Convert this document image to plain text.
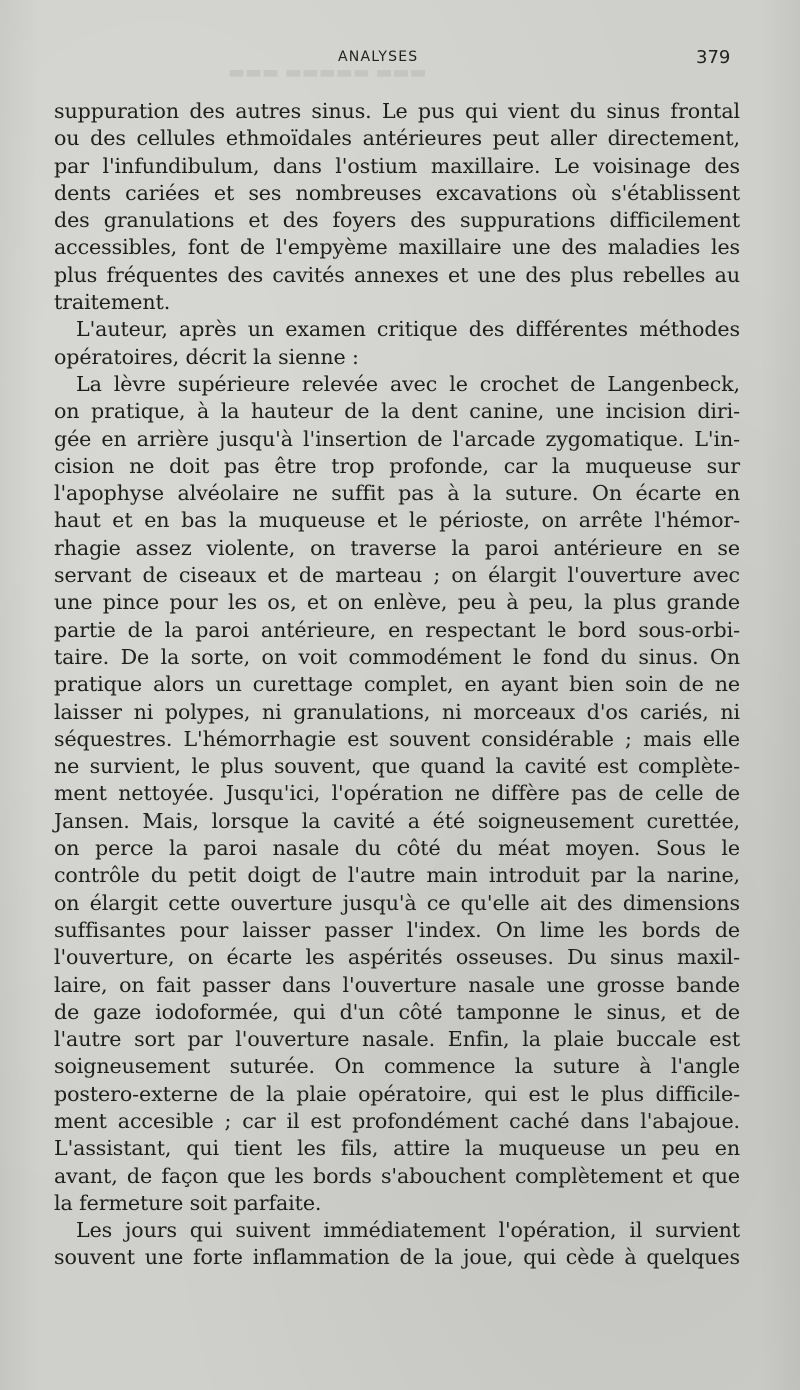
ANALYSES	379
▬▬▬ ▬▬▬▬▬ ▬▬▬
suppuration des autres sinus. Le pus qui vient du sinus frontal
ou des cellules ethmoïdales antérieures peut aller directement,
par l'infundibulum, dans l'ostium maxillaire. Le voisinage des
dents cariées et ses nombreuses excavations où s'établissent
des granulations et des foyers des suppurations difficilement
accessibles, font de l'empyème maxillaire une des maladies les
plus fréquentes des cavités annexes et une des plus rebelles au
traitement.
L'auteur, après un examen critique des différentes méthodes
opératoires, décrit la sienne :
La lèvre supérieure relevée avec le crochet de Langenbeck,
on pratique, à la hauteur de la dent canine, une incision diri-
gée en arrière jusqu'à l'insertion de l'arcade zygomatique. L'in-
cision ne doit pas être trop profonde, car la muqueuse sur
l'apophyse alvéolaire ne suffit pas à la suture. On écarte en
haut et en bas la muqueuse et le périoste, on arrête l'hémor-
rhagie assez violente, on traverse la paroi antérieure en se
servant de ciseaux et de marteau ; on élargit l'ouverture avec
une pince pour les os, et on enlève, peu à peu, la plus grande
partie de la paroi antérieure, en respectant le bord sous-orbi-
taire. De la sorte, on voit commodément le fond du sinus. On
pratique alors un curettage complet, en ayant bien soin de ne
laisser ni polypes, ni granulations, ni morceaux d'os cariés, ni
séquestres. L'hémorrhagie est souvent considérable ; mais elle
ne survient, le plus souvent, que quand la cavité est complète-
ment nettoyée. Jusqu'ici, l'opération ne diffère pas de celle de
Jansen. Mais, lorsque la cavité a été soigneusement curettée,
on perce la paroi nasale du côté du méat moyen. Sous le
contrôle du petit doigt de l'autre main introduit par la narine,
on élargit cette ouverture jusqu'à ce qu'elle ait des dimensions
suffisantes pour laisser passer l'index. On lime les bords de
l'ouverture, on écarte les aspérités osseuses. Du sinus maxil-
laire, on fait passer dans l'ouverture nasale une grosse bande
de gaze iodoformée, qui d'un côté tamponne le sinus, et de
l'autre sort par l'ouverture nasale. Enfin, la plaie buccale est
soigneusement suturée. On commence la suture à l'angle
postero-externe de la plaie opératoire, qui est le plus difficile-
ment accesible ; car il est profondément caché dans l'abajoue.
L'assistant, qui tient les fils, attire la muqueuse un peu en
avant, de façon que les bords s'abouchent complètement et que
la fermeture soit parfaite.
Les jours qui suivent immédiatement l'opération, il survient
souvent une forte inflammation de la joue, qui cède à quelques
